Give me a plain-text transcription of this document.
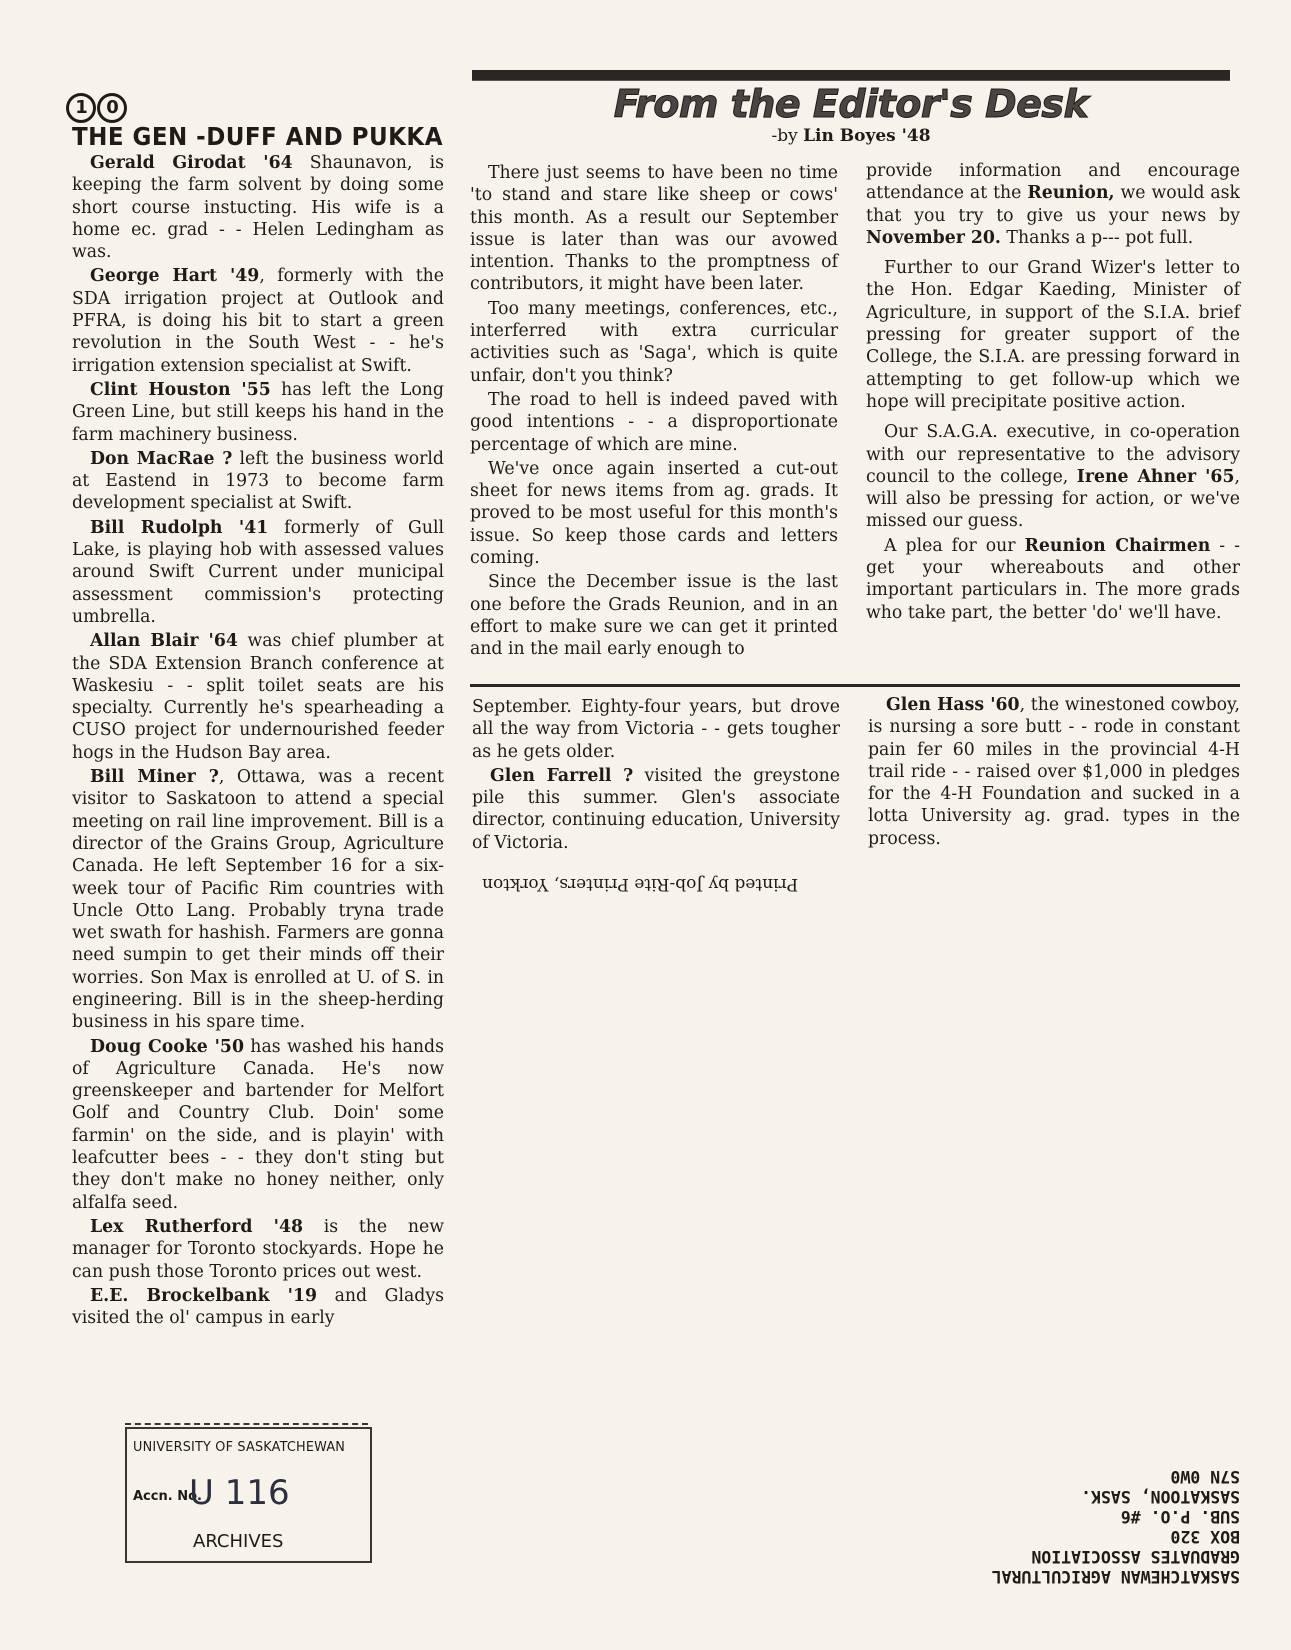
1 0
THE GEN -DUFF AND PUKKA

Gerald Girodat '64 Shaunavon, is keeping the farm solvent by doing some short course instucting. His wife is a home ec. grad - - Helen Ledingham as was.

George Hart '49, formerly with the SDA irrigation project at Outlook and PFRA, is doing his bit to start a green revolution in the South West - - he's irrigation extension specialist at Swift.

Clint Houston '55 has left the Long Green Line, but still keeps his hand in the farm machinery business.

Don MacRae ? left the business world at Eastend in 1973 to become farm development specialist at Swift.

Bill Rudolph '41 formerly of Gull Lake, is playing hob with assessed values around Swift Current under municipal assessment commission's protecting umbrella.

Allan Blair '64 was chief plumber at the SDA Extension Branch conference at Waskesiu - - split toilet seats are his specialty. Currently he's spearheading a CUSO project for undernourished feeder hogs in the Hudson Bay area.

Bill Miner ?, Ottawa, was a recent visitor to Saskatoon to attend a special meeting on rail line improvement. Bill is a director of the Grains Group, Agriculture Canada. He left September 16 for a six-week tour of Pacific Rim countries with Uncle Otto Lang. Probably tryna trade wet swath for hashish. Farmers are gonna need sumpin to get their minds off their worries. Son Max is enrolled at U. of S. in engineering. Bill is in the sheep-herding business in his spare time.

Doug Cooke '50 has washed his hands of Agriculture Canada. He's now greenskeeper and bartender for Melfort Golf and Country Club. Doin' some farmin' on the side, and is playin' with leafcutter bees - - they don't sting but they don't make no honey neither, only alfalfa seed.

Lex Rutherford '48 is the new manager for Toronto stockyards. Hope he can push those Toronto prices out west.

E.E. Brockelbank '19 and Gladys visited the ol' campus in early

From the Editor's Desk
-by Lin Boyes '48

There just seems to have been no time 'to stand and stare like sheep or cows' this month. As a result our September issue is later than was our avowed intention. Thanks to the promptness of contributors, it might have been later.

Too many meetings, conferences, etc., interferred with extra curricular activities such as 'Saga', which is quite unfair, don't you think?

The road to hell is indeed paved with good intentions - - a disproportionate percentage of which are mine.

We've once again inserted a cut-out sheet for news items from ag. grads. It proved to be most useful for this month's issue. So keep those cards and letters coming.

Since the December issue is the last one before the Grads Reunion, and in an effort to make sure we can get it printed and in the mail early enough to

provide information and encourage attendance at the Reunion, we would ask that you try to give us your news by November 20. Thanks a p--- pot full.

Further to our Grand Wizer's letter to the Hon. Edgar Kaeding, Minister of Agriculture, in support of the S.I.A. brief pressing for greater support of the College, the S.I.A. are pressing forward in attempting to get follow-up which we hope will precipitate positive action.

Our S.A.G.A. executive, in co-operation with our representative to the advisory council to the college, Irene Ahner '65, will also be pressing for action, or we've missed our guess.

A plea for our Reunion Chairmen - - get your whereabouts and other important particulars in. The more grads who take part, the better 'do' we'll have.

September. Eighty-four years, but drove all the way from Victoria - - gets tougher as he gets older.

Glen Farrell ? visited the greystone pile this summer. Glen's associate director, continuing education, University of Victoria.

Glen Hass '60, the winestoned cowboy, is nursing a sore butt - - rode in constant pain fer 60 miles in the provincial 4-H trail ride - - raised over $1,000 in pledges for the 4-H Foundation and sucked in a lotta University ag. grad. types in the process.

Printed by Job-Rite Printers, Yorkton
SASKATCHEWAN AGRICULTURAL
GRADUATES ASSOCIATION
BOX 320
SUB. P.O. #6
SASKATOON, SASK.
S7N 0W0
UNIVERSITY OF SASKATCHEWAN
Accn. No.
U 116
ARCHIVES
